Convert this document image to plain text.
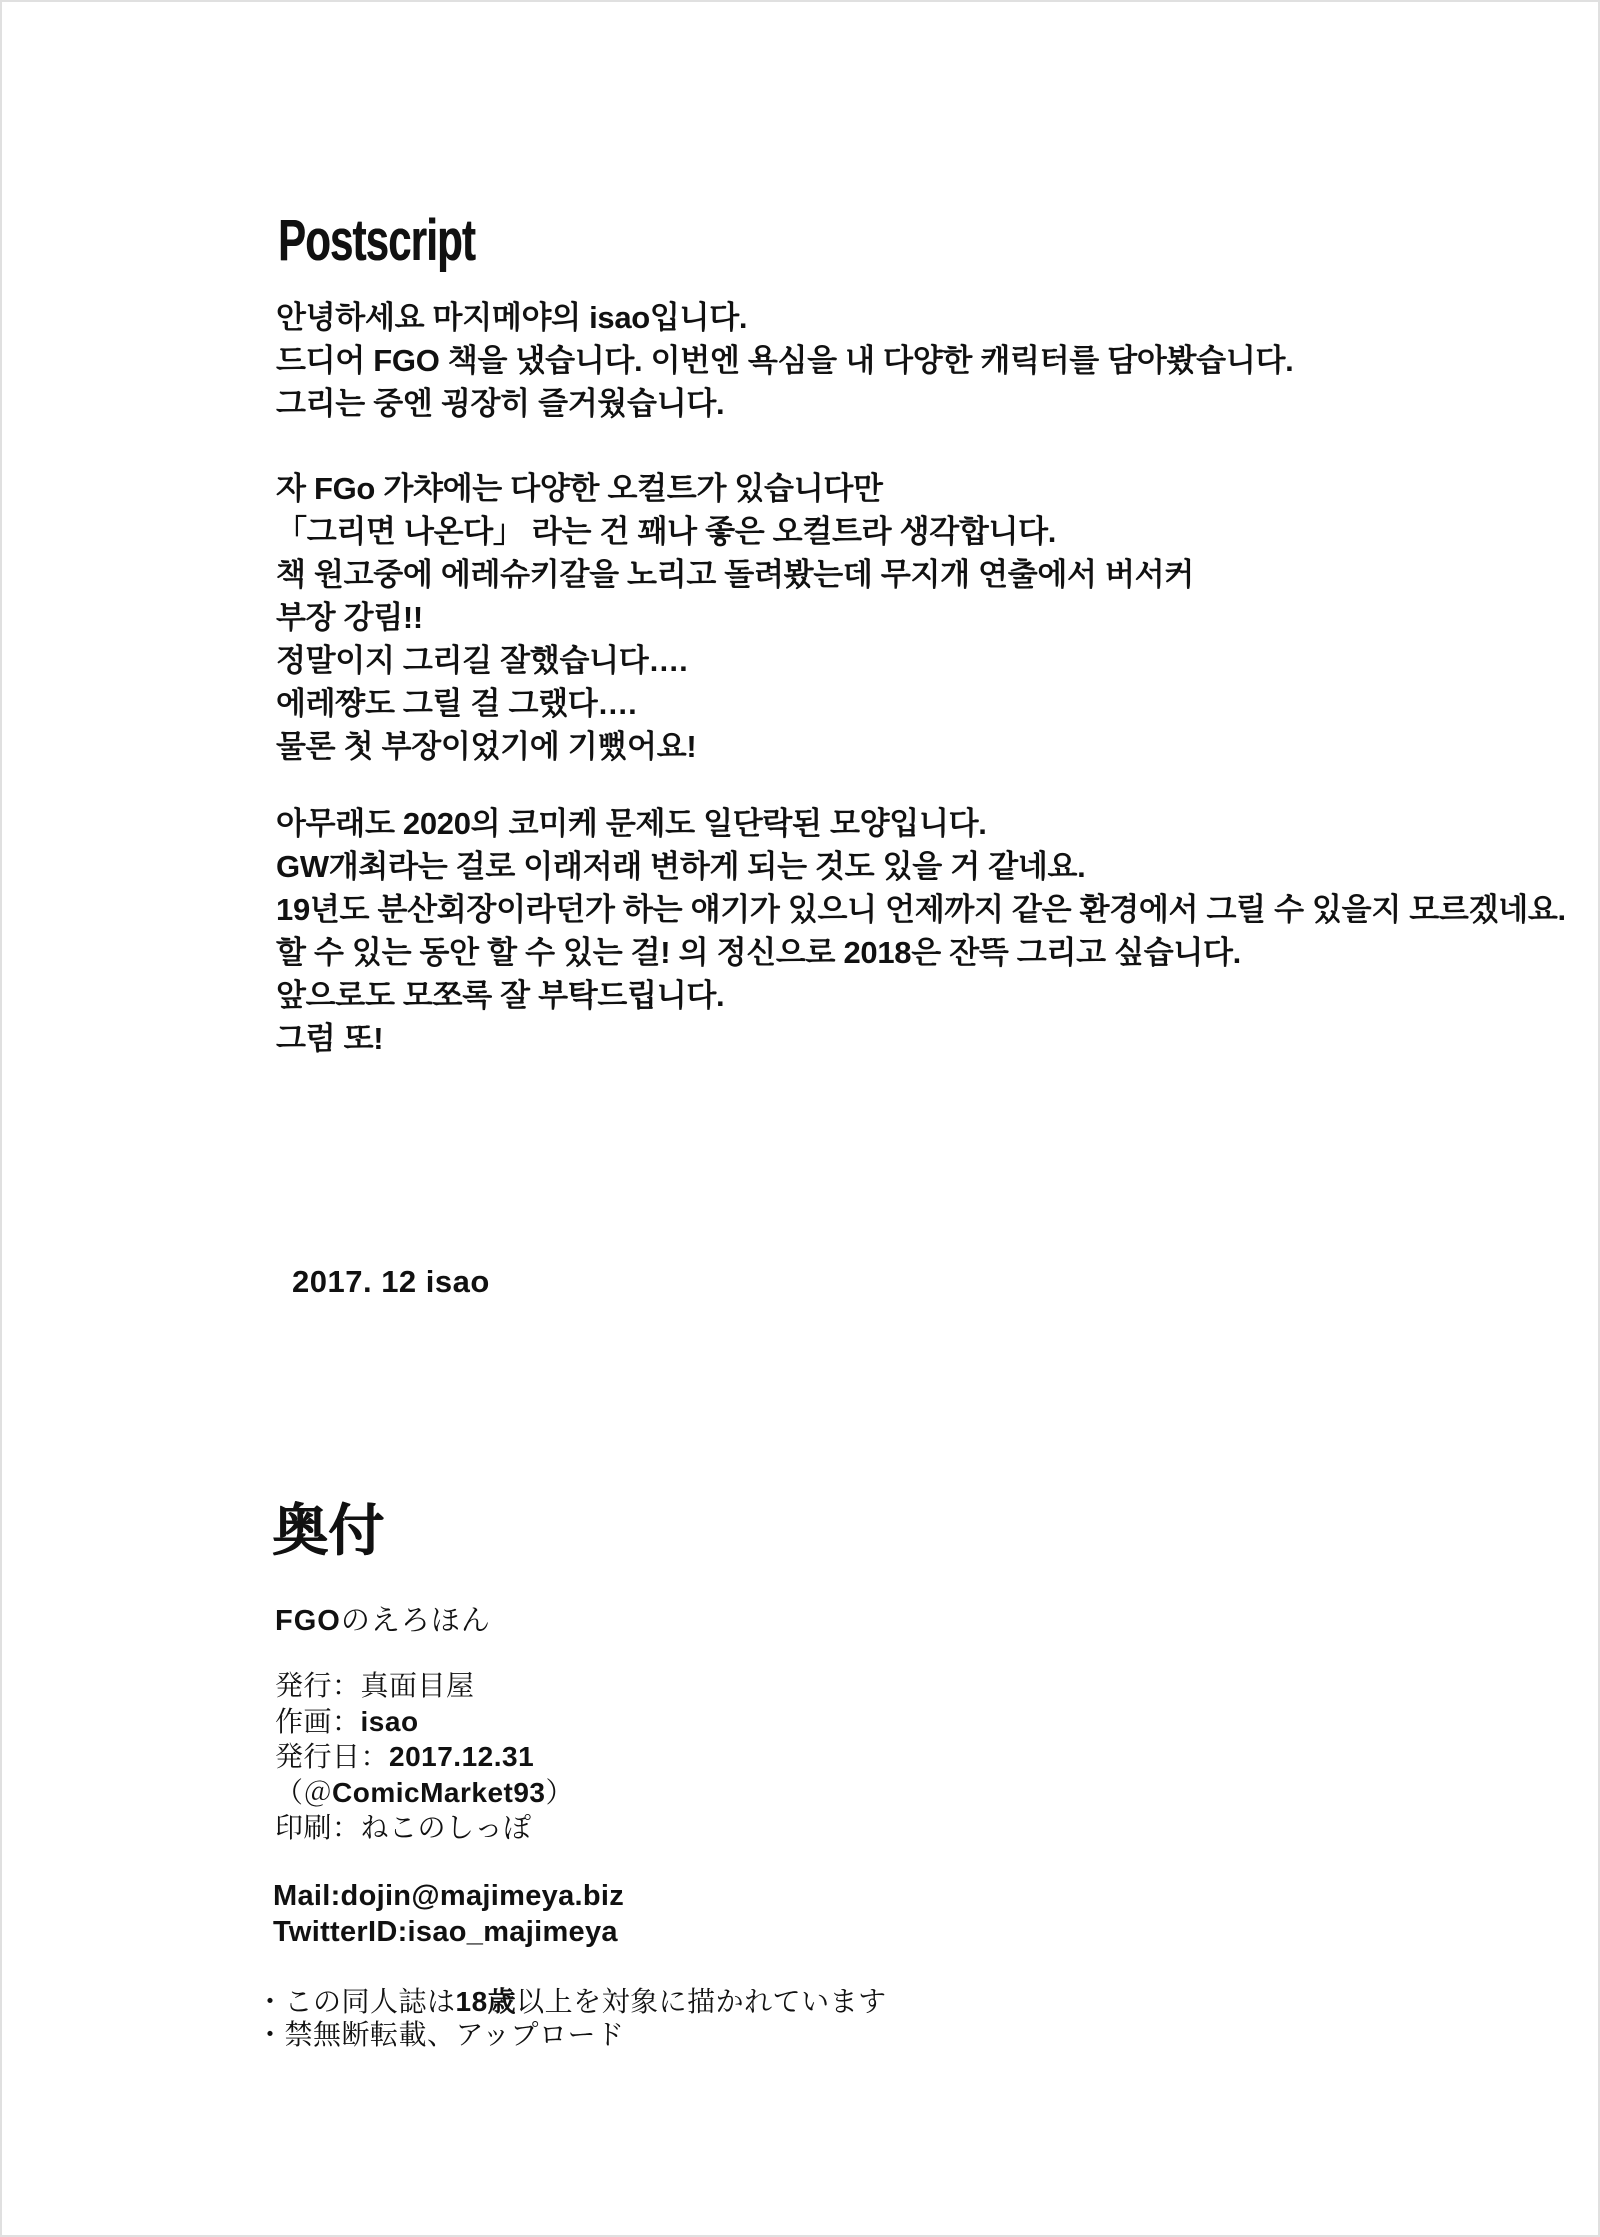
Postscript
안녕하세요 마지메야의 isao입니다.
드디어 FGO 책을 냈습니다. 이번엔 욕심을 내 다양한 캐릭터를 담아봤습니다.
그리는 중엔 굉장히 즐거웠습니다.
자 FGo 가챠에는 다양한 오컬트가 있습니다만
「그리면 나온다」 라는 건 꽤나 좋은 오컬트라 생각합니다.
책 원고중에 에레슈키갈을 노리고 돌려봤는데 무지개 연출에서 버서커
부장 강림!!
정말이지 그리길 잘했습니다….
에레쨩도 그릴 걸 그랬다….
물론 첫 부장이었기에 기뻤어요!
아무래도 2020의 코미케 문제도 일단락된 모양입니다.
GW개최라는 걸로 이래저래 변하게 되는 것도 있을 거 같네요.
19년도 분산회장이라던가 하는 얘기가 있으니 언제까지 같은 환경에서 그릴 수 있을지 모르겠네요.
할 수 있는 동안 할 수 있는 걸! 의 정신으로 2018은 잔뜩 그리고 싶습니다.
앞으로도 모쪼록 잘 부탁드립니다.
그럼 또!
2017. 12 isao
奥付
FGOのえろほん
発行：真面目屋
作画：isao
発行日：2017.12.31
（＠ComicMarket93）
印刷：ねこのしっぽ
Mail:dojin@majimeya.biz
TwitterID:isao_majimeya
・この同人誌は18歳以上を対象に描かれています
・禁無断転載、アップロード
